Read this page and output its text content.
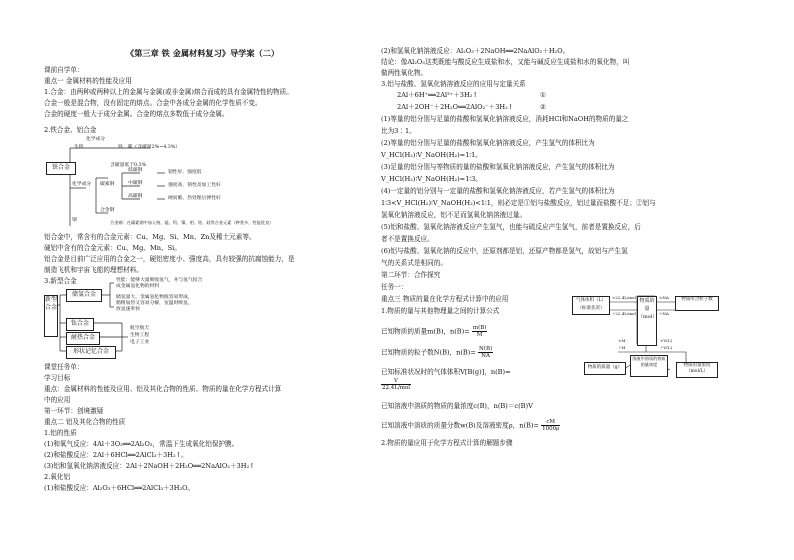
《第三章 铁 金属材料复习》导学案（二）
课前自学单：
重点一 金属材料的性能及应用
1.合金：由两种或两种以上的金属与金属(或非金属)熔合而成的具有金属特性的物质。
合金一般是混合物，没有固定的熔点。合金中各成分金属的化学性质不变。
合金的硬度一般大于成分金属。合金的熔点多数低于成分金属。
2.铁合金、铝合金
铁合金
化学成分
生铁	铁、碳（含碳量2%~4.3%）
化学成分
钢
碳素钢
合金钢
低碳钢
中碳钢
高碳钢
韧性好、强度低
强度高、韧性及加工性好
硬而脆、热处理后弹性好
含碳量低于0.3%
合金钢：在碳素钢中加入铬、锰、钨、镍、钼、钴、硅等合金元素（种类多，性能优良）
铝合金中，常含有的合金元素：Cu、Mg、Si、Mn、Zn及稀土元素等。
硬铝中含有的合金元素：Cu、Mg、Mn、Si。
铝合金是目前广泛应用的合金之一，硬铝密度小、强度高，具有较强的抗腐蚀能力，是
制造飞机和宇宙飞船的理想材料。
3.新型合金
新型合金
储氢合金
钛合金
耐热合金
形状记忆合金
性能：能够大量吸收氢气，并与氢气结合
成金属氢化物的材料
储氢量大，金属氢化物既容易形成，
稍稍加热又容易分解，室温时吸氢、
放氢速率快
航空航天
生物工程
电子工业
课堂任务单：
学习目标
重点：金属材料的性能及应用、铝及其化合物的性质、物质的量在化学方程式计算
中的应用
第一环节：创境激疑
重点二 铝及其化合物的性质
1.铝的性质
(1)和氧气反应：4Al＋3O₂══2Al₂O₃，常温下生成氧化铝保护膜。
(2)和盐酸反应：2Al＋6HCl══2AlCl₃＋3H₂↑。
(3)铝和氢氧化钠溶液反应：2Al＋2NaOH＋2H₂O══2NaAlO₂＋3H₂↑
2.氧化铝
(1)和盐酸反应：Al₂O₃＋6HCl══2AlCl₃＋3H₂O。
(2)和氢氧化钠溶液反应：Al₂O₃＋2NaOH══2NaAlO₂＋H₂O。
结论：像Al₂O₃这类既能与酸反应生成盐和水，又能与碱反应生成盐和水的氧化物，叫
做两性氧化物。
3.铝与盐酸、氢氧化钠溶液反应的应用与定量关系
2Al＋6H⁺══2Al³⁺＋3H₂↑	①
2Al＋2OH⁻＋2H₂O══2AlO₂⁻＋3H₂↑	②
(1)等量的铝分别与足量的盐酸和氢氧化钠溶液反应，消耗HCl和NaOH的物质的量之
比为3∶1。
(2)等量的铝分别与足量的盐酸和氢氧化钠溶液反应，产生氢气的体积比为
V_HCl(H₂)∶V_NaOH(H₂)=1∶1。
(3)足量的铝分别与等物质的量的盐酸和氢氧化钠溶液反应，产生氢气的体积比为
V_HCl(H₂)∶V_NaOH(H₂)=1∶3。
(4)一定量的铝分别与一定量的盐酸和氢氧化钠溶液反应，若产生氢气的体积比为
1∶3<V_HCl(H₂)∶V_NaOH(H₂)<1∶1，则必定是①铝与盐酸反应，铝过量而盐酸不足；②铝与
氢氧化钠溶液反应，铝不足而氢氧化钠溶液过量。
(5)铝和盐酸、氢氧化钠溶液反应产生氢气，也能与硫反应产生氢气，前者是置换反应，后
者不是置换反应。
(6)铝与盐酸、氢氧化钠的反应中，还原剂都是铝，还原产物都是氢气，故铝与产生氢
气的关系式是相同的。
第二环节：合作探究
任务一：
重点三 物质的量在化学方程式计算中的应用
1.物质的量与其他物理量之间的计算公式
已知物质的质量m(B)，$n(B)= \frac{m(B)}{M}$
已知物质的粒子数N(B)，$n(B)= \frac{N(B)}{NA}$
已知标准状况时的气体体积V[B(g)]，n(B)=
$\frac{V}{\text{22.4L/mol}}$
已知溶液中溶质的物质的量浓度c(B)，n(B)＝c(B)V
已知溶液中溶质的质量分数w(B)及溶液密度ρ，$n(B)= \frac{cM}{1000\rho}$
2.物质的量应用于化学方程式计算的解题步骤
气体体积（L）（标准状况）
物质的量（mol）
物质所含粒子数
物质的质量（g）
溶液中溶质的物质的量浓度	物质的量浓度（mol/L）
×22.4L/mol
÷22.4L/mol
×NA
÷NA
×M
÷M
×V(L)
÷V(L)
